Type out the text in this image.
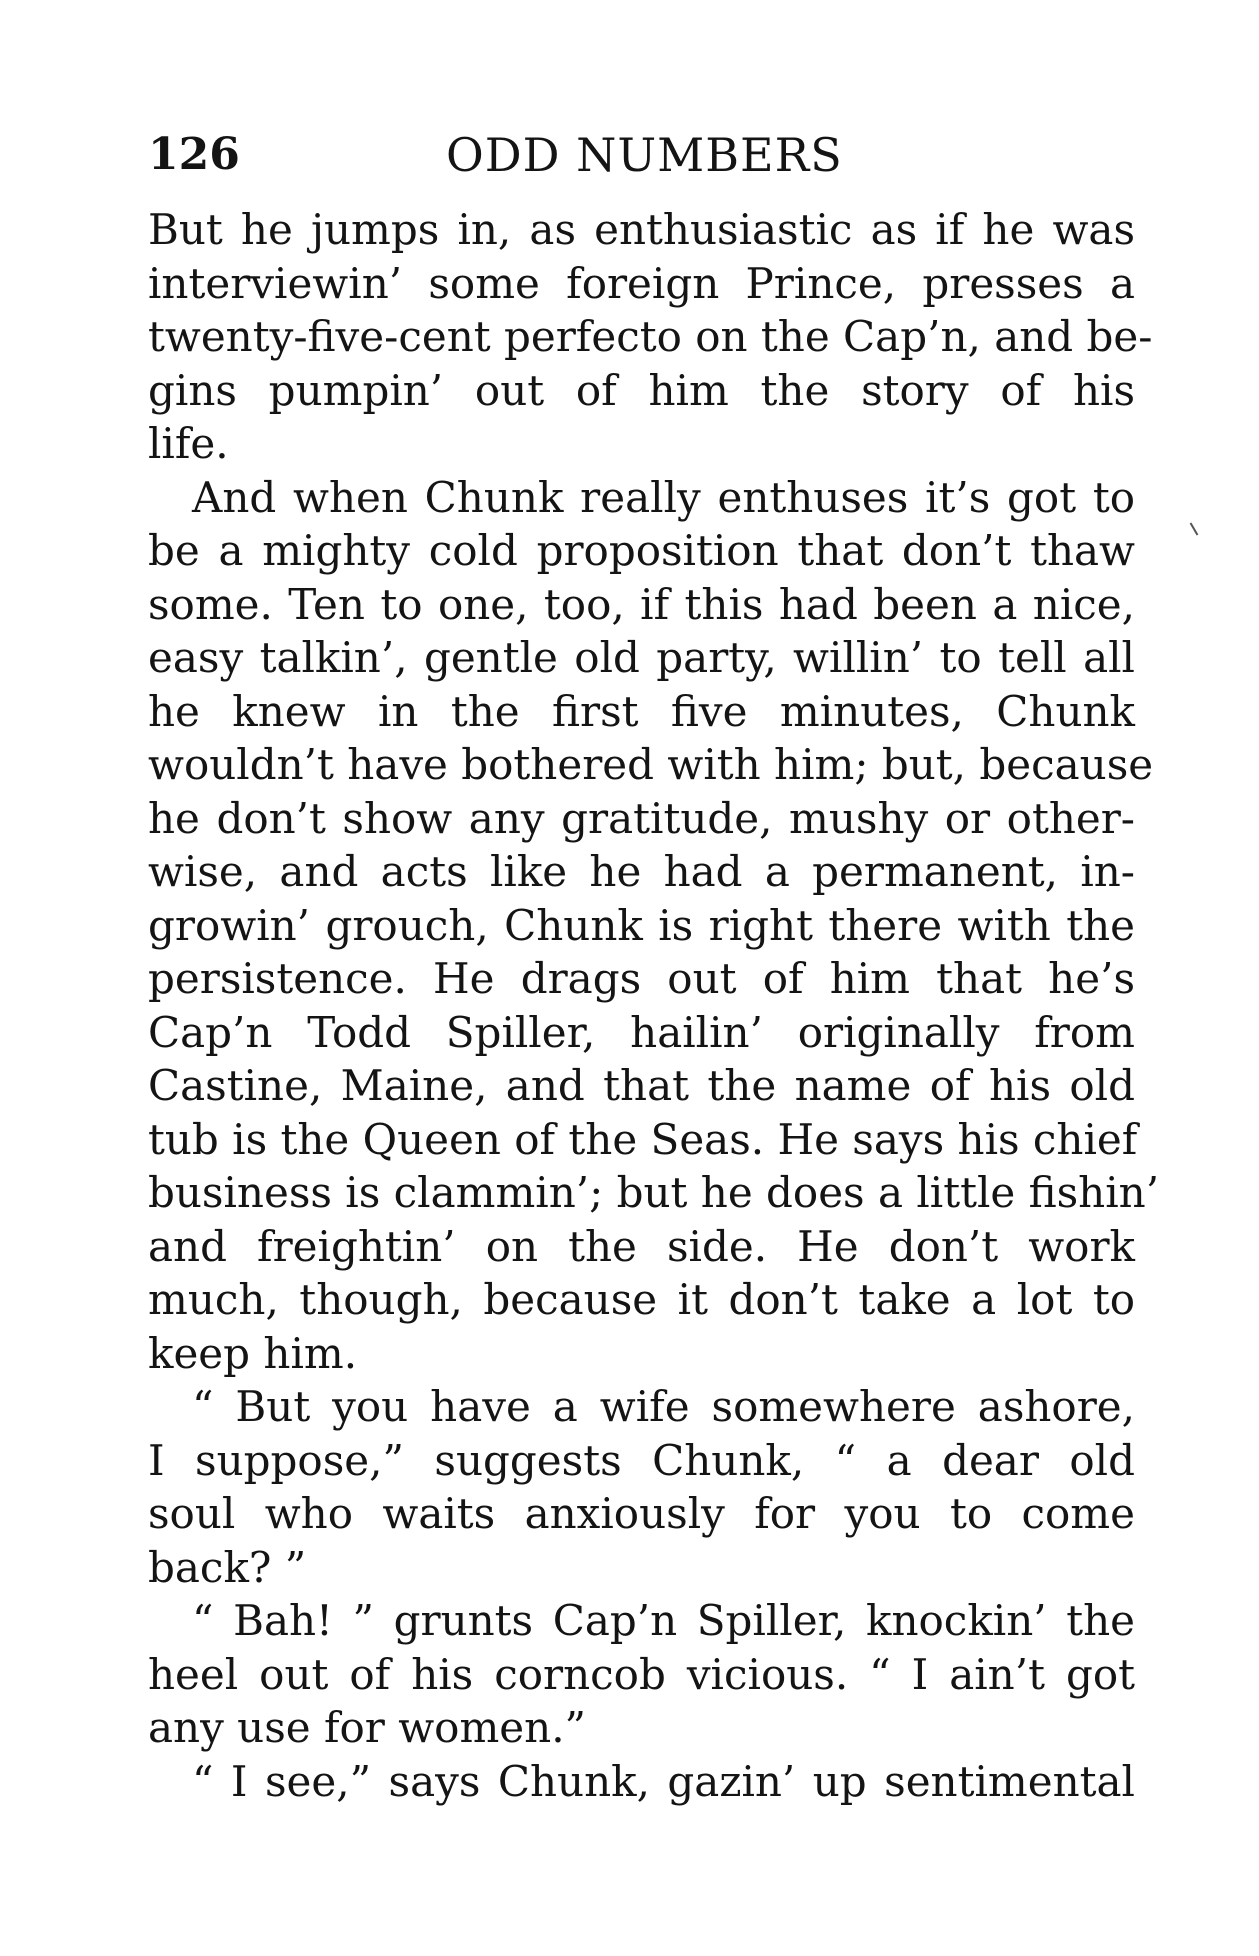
126	ODD NUMBERS
But he jumps in, as enthusiastic as if he was
interviewin’ some foreign Prince, presses a
twenty-five-cent perfecto on the Cap’n, and be-
gins pumpin’ out of him the story of his
life.
And when Chunk really enthuses it’s got to
be a mighty cold proposition that don’t thaw
some. Ten to one, too, if this had been a nice,
easy talkin’, gentle old party, willin’ to tell all
he knew in the first five minutes, Chunk
wouldn’t have bothered with him; but, because
he don’t show any gratitude, mushy or other-
wise, and acts like he had a permanent, in-
growin’ grouch, Chunk is right there with the
persistence. He drags out of him that he’s
Cap’n Todd Spiller, hailin’ originally from
Castine, Maine, and that the name of his old
tub is the Queen of the Seas. He says his chief
business is clammin’; but he does a little fishin’
and freightin’ on the side. He don’t work
much, though, because it don’t take a lot to
keep him.
“ But you have a wife somewhere ashore,
I suppose,” suggests Chunk, “ a dear old
soul who waits anxiously for you to come
back? ”
“ Bah! ” grunts Cap’n Spiller, knockin’ the
heel out of his corncob vicious. “ I ain’t got
any use for women.”
“ I see,” says Chunk, gazin’ up sentimental
